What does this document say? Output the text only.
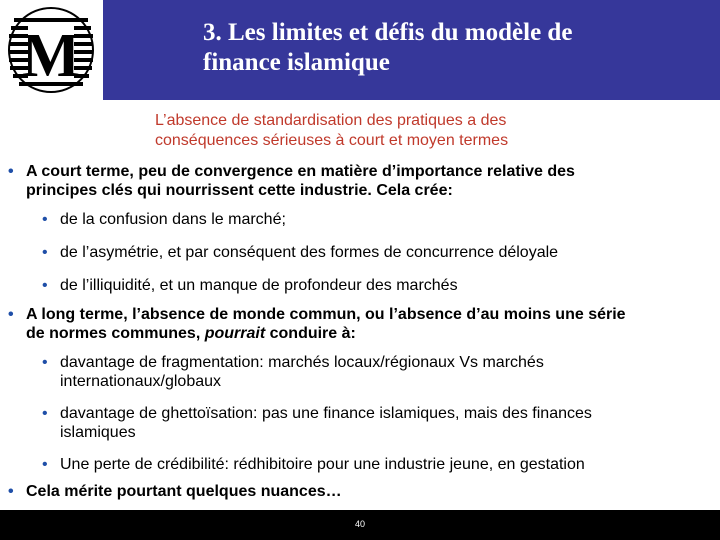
M	3. Les limites et défis du modèle de
finance islamique
L’absence de standardisation des pratiques a des
conséquences sérieuses à court et moyen termes
• A court terme, peu de convergence en matière d’importance relative des
principes clés qui nourrissent cette industrie. Cela crée:
• de la confusion dans le marché;
• de l’asymétrie, et par conséquent des formes de concurrence déloyale
• de l’illiquidité, et un manque de profondeur des marchés
• A long terme, l’absence de monde commun, ou l’absence d’au moins une série
de normes communes, pourrait conduire à:
• davantage de fragmentation: marchés locaux/régionaux Vs marchés
internationaux/globaux
• davantage de ghettoïsation: pas une finance islamiques, mais des finances
islamiques
• Une perte de crédibilité: rédhibitoire pour une industrie jeune, en gestation
• Cela mérite pourtant quelques nuances…
40
